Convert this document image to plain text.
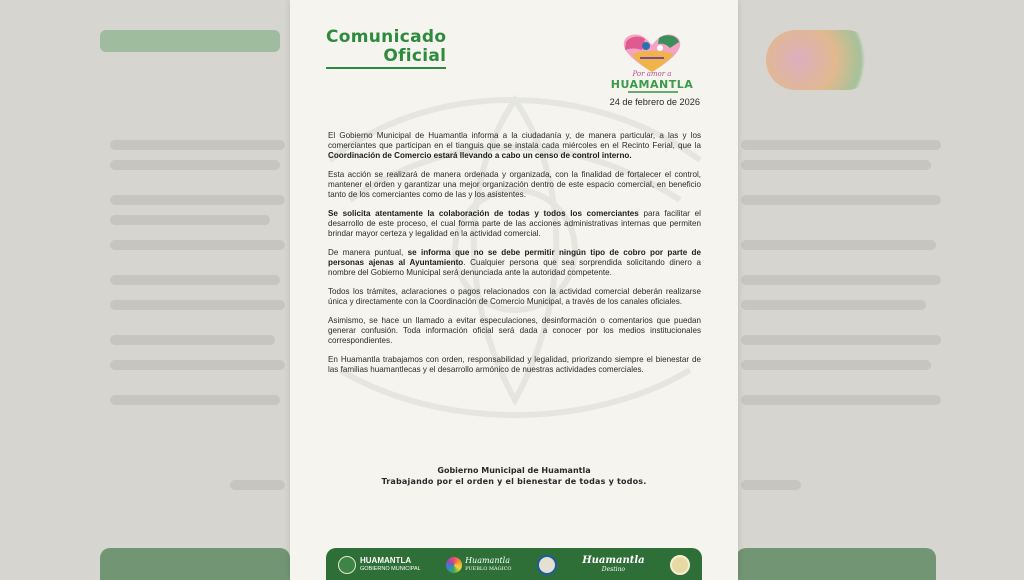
Comunicado
Oficial
Por amor a
HUAMANTLA
24 de febrero de 2026

El Gobierno Municipal de Huamantla informa a la ciudadanía y, de manera particular, a las y los comerciantes que participan en el tianguis que se instala cada miércoles en el Recinto Ferial, que la Coordinación de Comercio estará llevando a cabo un censo de control interno.

Esta acción se realizará de manera ordenada y organizada, con la finalidad de fortalecer el control, mantener el orden y garantizar una mejor organización dentro de este espacio comercial, en beneficio tanto de los comerciantes como de las y los asistentes.

Se solicita atentamente la colaboración de todas y todos los comerciantes para facilitar el desarrollo de este proceso, el cual forma parte de las acciones administrativas internas que permiten brindar mayor certeza y legalidad en la actividad comercial.

De manera puntual, se informa que no se debe permitir ningún tipo de cobro por parte de personas ajenas al Ayuntamiento. Cualquier persona que sea sorprendida solicitando dinero a nombre del Gobierno Municipal será denunciada ante la autoridad competente.

Todos los trámites, aclaraciones o pagos relacionados con la actividad comercial deberán realizarse única y directamente con la Coordinación de Comercio Municipal, a través de los canales oficiales.

Asimismo, se hace un llamado a evitar especulaciones, desinformación o comentarios que puedan generar confusión. Toda información oficial será dada a conocer por los medios institucionales correspondientes.

En Huamantla trabajamos con orden, responsabilidad y legalidad, priorizando siempre el bienestar de las familias huamantlecas y el desarrollo armónico de nuestras actividades comerciales.

Gobierno Municipal de Huamantla
Trabajando por el orden y el bienestar de todas y todos.
HUAMANTLA
GOBIERNO MUNICIPAL
Huamantla
PUEBLO MÁGICO
Huamantla
Destino
